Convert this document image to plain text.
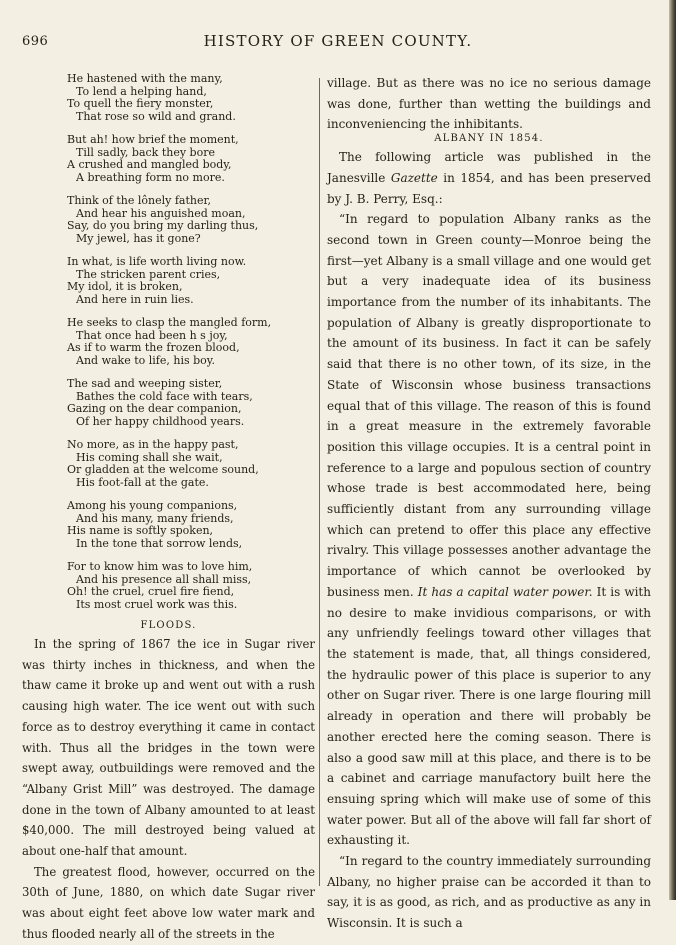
696	HISTORY OF GREEN COUNTY.
He hastened with the many,
To lend a helping hand,
To quell the fiery monster,
That rose so wild and grand.
But ah! how brief the moment,
Till sadly, back they bore
A crushed and mangled body,
A breathing form no more.
Think of the lônely father,
And hear his anguished moan,
Say, do you bring my darling thus,
My jewel, has it gone?
In what, is life worth living now.
The stricken parent cries,
My idol, it is broken,
And here in ruin lies.
He seeks to clasp the mangled form,
That once had been h s joy,
As if to warm the frozen blood,
And wake to life, his boy.
The sad and weeping sister,
Bathes the cold face with tears,
Gazing on the dear companion,
Of her happy childhood years.
No more, as in the happy past,
His coming shall she wait,
Or gladden at the welcome sound,
His foot-fall at the gate.
Among his young companions,
And his many, many friends,
His name is softly spoken,
In the tone that sorrow lends,
For to know him was to love him,
And his presence all shall miss,
Oh! the cruel, cruel fire fiend,
Its most cruel work was this.
FLOODS.

In the spring of 1867 the ice in Sugar river was thirty inches in thickness, and when the thaw came it broke up and went out with a rush causing high water. The ice went out with such force as to destroy everything it came in contact with. Thus all the bridges in the town were swept away, outbuildings were removed and the “Albany Grist Mill” was destroyed. The damage done in the town of Albany amounted to at least $40,000. The mill destroyed being valued at about one-half that amount.

The greatest flood, however, occurred on the 30th of June, 1880, on which date Sugar river was about eight feet above low water mark and thus flooded nearly all of the streets in the

village. But as there was no ice no serious damage was done, further than wetting the buildings and inconveniencing the inhibitants.

ALBANY IN 1854.

The following article was published in the Janesville Gazette in 1854, and has been preserved by J. B. Perry, Esq.:

“In regard to population Albany ranks as the second town in Green county—Monroe being the first—yet Albany is a small village and one would get but a very inadequate idea of its business importance from the number of its inhabitants. The population of Albany is greatly disproportionate to the amount of its business. In fact it can be safely said that there is no other town, of its size, in the State of Wisconsin whose business transactions equal that of this village. The reason of this is found in a great measure in the extremely favorable position this village occupies. It is a central point in reference to a large and populous section of country whose trade is best accommodated here, being sufficiently distant from any surrounding village which can pretend to offer this place any effective rivalry. This village possesses another advantage the importance of which cannot be overlooked by business men. It has a capital water power. It is with no desire to make invidious comparisons, or with any unfriendly feelings toward other villages that the statement is made, that, all things considered, the hydraulic power of this place is superior to any other on Sugar river. There is one large flouring mill already in operation and there will probably be another erected here the coming season. There is also a good saw mill at this place, and there is to be a cabinet and carriage manufactory built here the ensuing spring which will make use of some of this water power. But all of the above will fall far short of exhausting it.

“In regard to the country immediately surrounding Albany, no higher praise can be accorded it than to say, it is as good, as rich, and as productive as any in Wisconsin. It is such a
